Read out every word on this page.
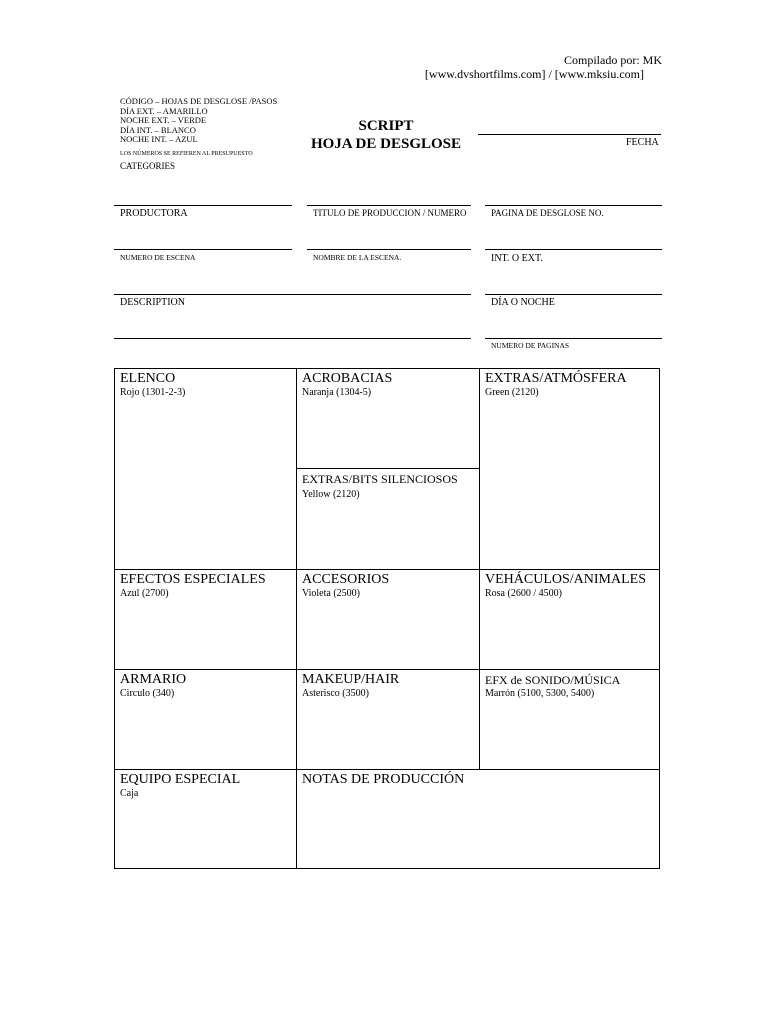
Compilado por: MK
[www.dvshortfilms.com] / [www.mksiu.com]
CÓDIGO – HOJAS DE DESGLOSE /PASOS
DÍA EXT. – AMARILLO
NOCHE EXT. – VERDE
DÍA INT. – BLANCO
NOCHE INT. – AZUL
LOS NÚMEROS SE REFIEREN AL PRESUPUESTO
CATEGORIES
SCRIPT
HOJA DE DESGLOSE	FECHA
PRODUCTORA	TITULO DE PRODUCCION / NUMERO	PAGINA DE DESGLOSE NO.
NUMERO DE ESCENA	NOMBRE DE LA ESCENA.	INT. O EXT.
DESCRIPTION	DÍA O NOCHE
NUMERO DE PAGINAS
ELENCO
Rojo (1301-2-3)
ACROBACIAS
Naranja (1304-5)
EXTRAS/BITS SILENCIOSOS
Yellow (2120)
EXTRAS/ATMÓSFERA
Green (2120)
EFECTOS ESPECIALES
Azul (2700)
ACCESORIOS
Violeta (2500)
VEHÁCULOS/ANIMALES
Rosa (2600 / 4500)
ARMARIO
Circulo (340)
MAKEUP/HAIR
Asterisco (3500)
EFX de SONIDO/MÚSICA
Marrón (5100, 5300, 5400)
EQUIPO ESPECIAL
Caja
NOTAS DE PRODUCCIÓN
